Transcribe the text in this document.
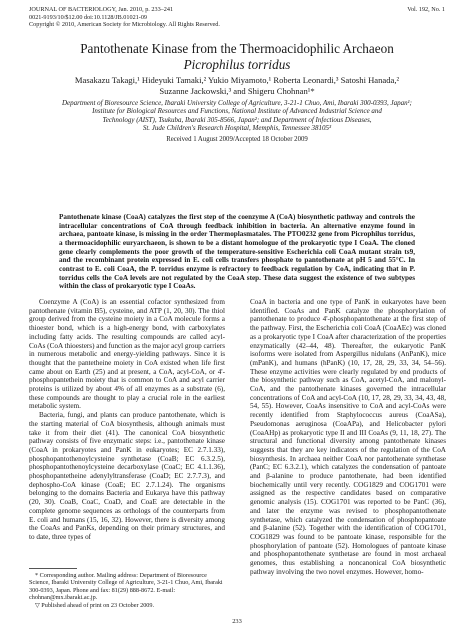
JOURNAL OF BACTERIOLOGY, Jan. 2010, p. 233–241
0021-9193/10/$12.00 doi:10.1128/JB.01021-09
Copyright © 2010, American Society for Microbiology. All Rights Reserved.
Vol. 192, No. 1
Pantothenate Kinase from the Thermoacidophilic Archaeon
Picrophilus torridus
Masakazu Takagi,¹ Hideyuki Tamaki,² Yukio Miyamoto,¹ Roberta Leonardi,³ Satoshi Hanada,²
Suzanne Jackowski,³ and Shigeru Chohnan¹*
Department of Bioresource Science, Ibaraki University College of Agriculture, 3-21-1 Chuo, Ami, Ibaraki 300-0393, Japan¹;
Institute for Biological Resources and Functions, National Institute of Advanced Industrial Science and
Technology (AIST), Tsukuba, Ibaraki 305-8566, Japan²; and Department of Infectious Diseases,
St. Jude Children's Research Hospital, Memphis, Tennessee 38105³
Received 1 August 2009/Accepted 18 October 2009
Pantothenate kinase (CoaA) catalyzes the first step of the coenzyme A (CoA) biosynthetic pathway and controls the intracellular concentrations of CoA through feedback inhibition in bacteria. An alternative enzyme found in archaea, pantoate kinase, is missing in the order Thermoplasmatales. The PTO0232 gene from Picrophilus torridus, a thermoacidophilic euryarchaeon, is shown to be a distant homologue of the prokaryotic type I CoaA. The cloned gene clearly complements the poor growth of the temperature-sensitive Escherichia coli CoaA mutant strain ts9, and the recombinant protein expressed in E. coli cells transfers phosphate to pantothenate at pH 5 and 55°C. In contrast to E. coli CoaA, the P. torridus enzyme is refractory to feedback regulation by CoA, indicating that in P. torridus cells the CoA levels are not regulated by the CoaA step. These data suggest the existence of two subtypes within the class of prokaryotic type I CoaAs.

Coenzyme A (CoA) is an essential cofactor synthesized from pantothenate (vitamin B5), cysteine, and ATP (1, 20, 30). The thiol group derived from the cysteine moiety in a CoA molecule forms a thioester bond, which is a high-energy bond, with carboxylates including fatty acids. The resulting compounds are called acyl-CoAs (CoA thioesters) and function as the major acyl group carriers in numerous metabolic and energy-yielding pathways. Since it is thought that the pantetheine moiety in CoA existed when life first came about on Earth (25) and at present, a CoA, acyl-CoA, or 4'-phosphopantethein moiety that is common to CoA and acyl carrier proteins is utilized by about 4% of all enzymes as a substrate (6), these compounds are thought to play a crucial role in the earliest metabolic system.

Bacteria, fungi, and plants can produce pantothenate, which is the starting material of CoA biosynthesis, although animals must take it from their diet (41). The canonical CoA biosynthetic pathway consists of five enzymatic steps: i.e., pantothenate kinase (CoaA in prokaryotes and PanK in eukaryotes; EC 2.7.1.33), phosphopantothenoylcysteine synthetase (CoaB; EC 6.3.2.5), phosphopantothenoylcysteine decarboxylase (CoaC; EC 4.1.1.36), phosphopantetheine adenylyltransferase (CoaD; EC 2.7.7.3), and dephospho-CoA kinase (CoaE; EC 2.7.1.24). The organisms belonging to the domains Bacteria and Eukarya have this pathway (20, 30). CoaB, CoaC, CoaD, and CoaE are detectable in the complete genome sequences as orthologs of the counterparts from E. coli and humans (15, 16, 32). However, there is diversity among the CoaAs and PanKs, depending on their primary structures, and to date, three types of

CoaA in bacteria and one type of PanK in eukaryotes have been identified. CoaAs and PanK catalyze the phosphorylation of pantothenate to produce 4'-phosphopantothenate at the first step of the pathway. First, the Escherichia coli CoaA (CoaAEc) was cloned as a prokaryotic type I CoaA after characterization of the properties enzymatically (42–44, 48). Thereafter, the eukaryotic PanK isoforms were isolated from Aspergillus nidulans (AnPanK), mice (mPanK), and humans (hPanK) (10, 17, 28, 29, 33, 34, 54–56). These enzyme activities were clearly regulated by end products of the biosynthetic pathway such as CoA, acetyl-CoA, and malonyl-CoA, and the pantothenate kinases governed the intracellular concentrations of CoA and acyl-CoA (10, 17, 28, 29, 33, 34, 43, 48, 54, 55). However, CoaAs insensitive to CoA and acyl-CoAs were recently identified from Staphylococcus aureus (CoaASa), Pseudomonas aeruginosa (CoaAPa), and Helicobacter pylori (CoaAHp) as prokaryotic type II and III CoaAs (9, 11, 18, 27). The structural and functional diversity among pantothenate kinases suggests that they are key indicators of the regulation of the CoA biosynthesis. In archaea neither CoaA nor pantothenate synthetase (PanC; EC 6.3.2.1), which catalyzes the condensation of pantoate and β-alanine to produce pantothenate, had been identified biochemically until very recently. COG1829 and COG1701 were assigned as the respective candidates based on comparative genomic analysis (15). COG1701 was reported to be PanC (36), and later the enzyme was revised to phosphopantothenate synthetase, which catalyzed the condensation of phosphopantoate and β-alanine (52). Together with the identification of COG1701, COG1829 was found to be pantoate kinase, responsible for the phosphorylation of pantoate (52). Homologues of pantoate kinase and phosphopantothenate synthetase are found in most archaeal genomes, thus establishing a noncanonical CoA biosynthetic pathway involving the two novel enzymes. However, homo-

* Corresponding author. Mailing address: Department of Bioresource Science, Ibaraki University College of Agriculture, 3-21-1 Chuo, Ami, Ibaraki 300-0393, Japan. Phone and fax: 81(29) 888-8672. E-mail: chohnan@mx.ibaraki.ac.jp.

▽ Published ahead of print on 23 October 2009.

233
